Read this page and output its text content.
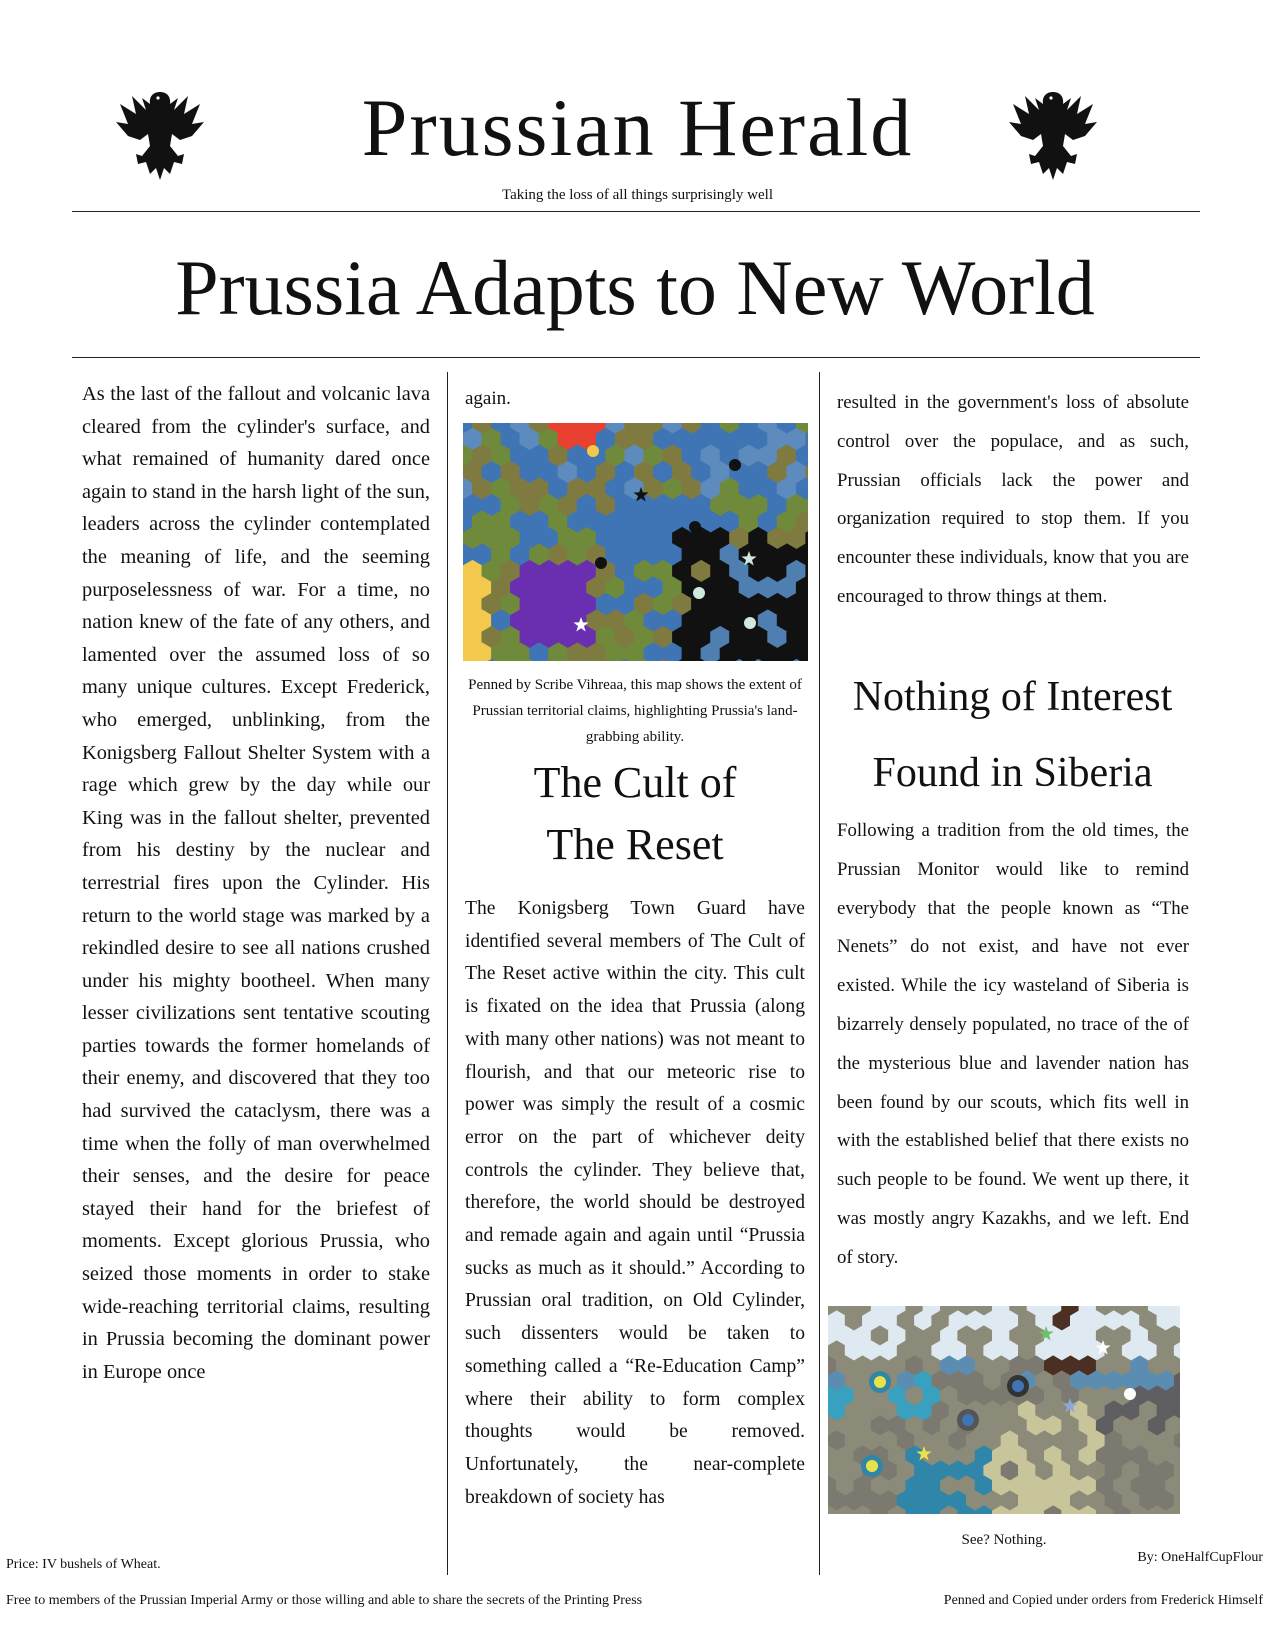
Prussian Herald
Taking the loss of all things surprisingly well
Prussia Adapts to New World
As the last of the fallout and volcanic lava cleared from the cylinder's surface, and what remained of humanity dared once again to stand in the harsh light of the sun, leaders across the cylinder contemplated the meaning of life, and the seeming purposelessness of war. For a time, no nation knew of the fate of any others, and lamented over the assumed loss of so many unique cultures. Except Frederick, who emerged, unblinking, from the Konigsberg Fallout Shelter System with a rage which grew by the day while our King was in the fallout shelter, prevented from his destiny by the nuclear and terrestrial fires upon the Cylinder. His return to the world stage was marked by a rekindled desire to see all nations crushed under his mighty bootheel. When many lesser civilizations sent tentative scouting parties towards the former homelands of their enemy, and discovered that they too had survived the cataclysm, there was a time when the folly of man overwhelmed their senses, and the desire for peace stayed their hand for the briefest of moments. Except glorious Prussia, who seized those moments in order to stake wide-reaching territorial claims, resulting in Prussia becoming the dominant power in Europe once
again.
Penned by Scribe Vihreaa, this map shows the extent of Prussian territorial claims, highlighting Prussia's land-grabbing ability.
The Cult of
The Reset
The Konigsberg Town Guard have identified several members of The Cult of The Reset active within the city. This cult is fixated on the idea that Prussia (along with many other nations) was not meant to flourish, and that our meteoric rise to power was simply the result of a cosmic error on the part of whichever deity controls the cylinder. They believe that, therefore, the world should be destroyed and remade again and again until “Prussia sucks as much as it should.” According to Prussian oral tradition, on Old Cylinder, such dissenters would be taken to something called a “Re-Education Camp” where their ability to form complex thoughts would be removed. Unfortunately, the near-complete breakdown of society has
resulted in the government's loss of absolute control over the populace, and as such, Prussian officials lack the power and organization required to stop them. If you encounter these individuals, know that you are encouraged to throw things at them.
Nothing of Interest
Found in Siberia
Following a tradition from the old times, the Prussian Monitor would like to remind everybody that the people known as “The Nenets” do not exist, and have not ever existed. While the icy wasteland of Siberia is bizarrely densely populated, no trace of the of the mysterious blue and lavender nation has been found by our scouts, which fits well in with the established belief that there exists no such people to be found. We went up there, it was mostly angry Kazakhs, and we left. End of story.
See? Nothing.
Price: IV bushels of Wheat.	By: OneHalfCupFlour
Free to members of the Prussian Imperial Army or those willing and able to share the secrets of the Printing Press	Penned and Copied under orders from Frederick Himself
